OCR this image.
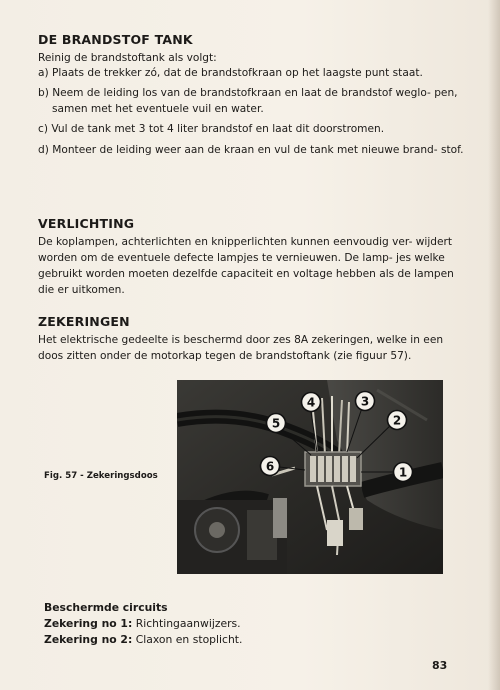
DE BRANDSTOF TANK
Reinig de brandstoftank als volgt:
a) Plaats de trekker zó, dat de brandstofkraan op het laagste punt staat.
b) Neem de leiding los van de brandstofkraan en laat de brandstof weglo- pen, samen met het eventuele vuil en water.
c) Vul de tank met 3 tot 4 liter brandstof en laat dit doorstromen.
d) Monteer de leiding weer aan de kraan en vul de tank met nieuwe brand- stof.
VERLICHTING
De koplampen, achterlichten en knipperlichten kunnen eenvoudig ver- wijdert worden om de eventuele defecte lampjes te vernieuwen. De lamp- jes welke gebruikt worden moeten dezelfde capaciteit en voltage hebben als de lampen die er uitkomen.
ZEKERINGEN
Het elektrische gedeelte is beschermd door zes 8A zekeringen, welke in een doos zitten onder de motorkap tegen de brandstoftank (zie figuur 57).
Fig. 57 - Zekeringsdoos	1
2
3
4
5
6
Beschermde circuits
Zekering no 1: Richtingaanwijzers.
Zekering no 2: Claxon en stoplicht.
83
